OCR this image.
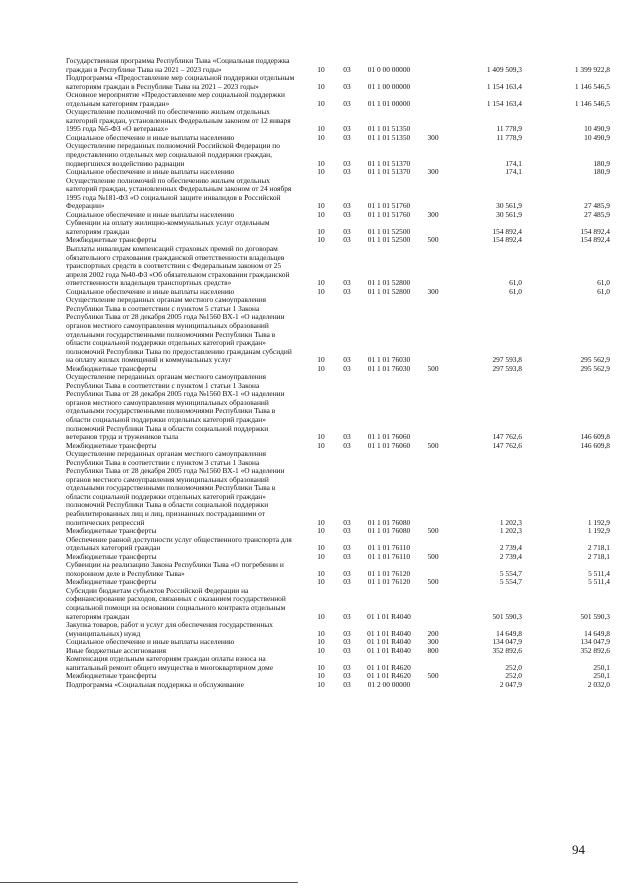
Государственная программа Республики Тыва «Социальная поддержка граждан в Республике Тыва на 2021 – 2023 годы»	10	03	01 0 00 00000		1 409 509,3	1 399 922,8
Подпрограмма «Предоставление мер социальной поддержки отдельным категориям граждан в Республике Тыва на 2021 – 2023 годы»	10	03	01 1 00 00000		1 154 163,4	1 146 546,5
Основное мероприятие «Предоставление мер социальной поддержки отдельным категориям граждан»	10	03	01 1 01 00000		1 154 163,4	1 146 546,5
Осуществление полномочий по обеспечению жильем отдельных категорий граждан, установленных Федеральным законом от 12 января 1995 года №5-ФЗ «О ветеранах»	10	03	01 1 01 51350		11 778,9	10 490,9
Социальное обеспечение и иные выплаты населению	10	03	01 1 01 51350	300	11 778,9	10 490,9
Осуществление переданных полномочий Российской Федерации по предоставлению отдельных мер социальной поддержки граждан, подвергшихся воздействию радиации	10	03	01 1 01 51370		174,1	180,9
Социальное обеспечение и иные выплаты населению	10	03	01 1 01 51370	300	174,1	180,9
Осуществление полномочий по обеспечению жильем отдельных категорий граждан, установленных Федеральным законом от 24 ноября 1995 года №181-ФЗ «О социальной защите инвалидов в Российской Федерации»	10	03	01 1 01 51760		30 561,9	27 485,9
Социальное обеспечение и иные выплаты населению	10	03	01 1 01 51760	300	30 561,9	27 485,9
Субвенции на оплату жилищно-коммунальных услуг отдельным категориям граждан	10	03	01 1 01 52500		154 892,4	154 892,4
Межбюджетные трансферты	10	03	01 1 01 52500	500	154 892,4	154 892,4
Выплаты инвалидам компенсаций страховых премий по договорам обязательного страхования гражданской ответственности владельцев транспортных средств в соответствии с Федеральным законом от 25 апреля 2002 года №40-ФЗ «Об обязательном страховании гражданской ответственности владельцев транспортных средств»	10	03	01 1 01 52800		61,0	61,0
Социальное обеспечение и иные выплаты населению	10	03	01 1 01 52800	300	61,0	61,0
Осуществление переданных органам местного самоуправления Республики Тыва в соответствии с пунктом 5 статьи 1 Закона Республики Тыва от 28 декабря 2005 года №1560 ВХ-1 «О наделении органов местного самоуправления муниципальных образований отдельными государственными полномочиями Республики Тыва в области социальной поддержки отдельных категорий граждан» полномочий Республики Тыва по предоставлению гражданам субсидий на оплату жилых помещений и коммунальных услуг	10	03	01 1 01 76030		297 593,8	295 562,9
Межбюджетные трансферты	10	03	01 1 01 76030	500	297 593,8	295 562,9
Осуществление переданных органам местного самоуправления Республики Тыва в соответствии с пунктом 1 статьи 1 Закона Республики Тыва от 28 декабря 2005 года №1560 ВХ-1 «О наделении органов местного самоуправления муниципальных образований отдельными государственными полномочиями Республики Тыва в области социальной поддержки отдельных категорий граждан» полномочий Республики Тыва в области социальной поддержки ветеранов труда и тружеников тыла	10	03	01 1 01 76060		147 762,6	146 609,8
Межбюджетные трансферты	10	03	01 1 01 76060	500	147 762,6	146 609,8
Осуществление переданных органам местного самоуправления Республики Тыва в соответствии с пунктом 3 статьи 1 Закона Республики Тыва от 28 декабря 2005 года №1560 ВХ-1 «О наделении органов местного самоуправления муниципальных образований отдельными государственными полномочиями Республики Тыва в области социальной поддержки отдельных категорий граждан» полномочий Республики Тыва в области социальной поддержки реабилитированных лиц и лиц, признанных пострадавшими от политических репрессий	10	03	01 1 01 76080		1 202,3	1 192,9
Межбюджетные трансферты	10	03	01 1 01 76080	500	1 202,3	1 192,9
Обеспечение равной доступности услуг общественного транспорта для отдельных категорий граждан	10	03	01 1 01 76110		2 739,4	2 718,1
Межбюджетные трансферты	10	03	01 1 01 76110	500	2 739,4	2 718,1
Субвенции на реализацию Закона Республики Тыва «О погребении и похоронном деле в Республике Тыва»	10	03	01 1 01 76120		5 554,7	5 511,4
Межбюджетные трансферты	10	03	01 1 01 76120	500	5 554,7	5 511,4
Субсидии бюджетам субъектов Российской Федерации на софинансирование расходов, связанных с оказанием государственной социальной помощи на основании социального контракта отдельным категориям граждан	10	03	01 1 01 R4040		501 590,3	501 590,3
Закупка товаров, работ и услуг для обеспечения государственных (муниципальных) нужд	10	03	01 1 01 R4040	200	14 649,8	14 649,8
Социальное обеспечение и иные выплаты населению	10	03	01 1 01 R4040	300	134 047,9	134 047,9
Иные бюджетные ассигнования	10	03	01 1 01 R4040	800	352 892,6	352 892,6
Компенсация отдельным категориям граждан оплаты взноса на капитальный ремонт общего имущества в многоквартирном доме	10	03	01 1 01 R4620		252,0	250,1
Межбюджетные трансферты	10	03	01 1 01 R4620	500	252,0	250,1
Подпрограмма «Социальная поддержка и обслуживание	10	03	01 2 00 00000		2 047,9	2 032,0
94
